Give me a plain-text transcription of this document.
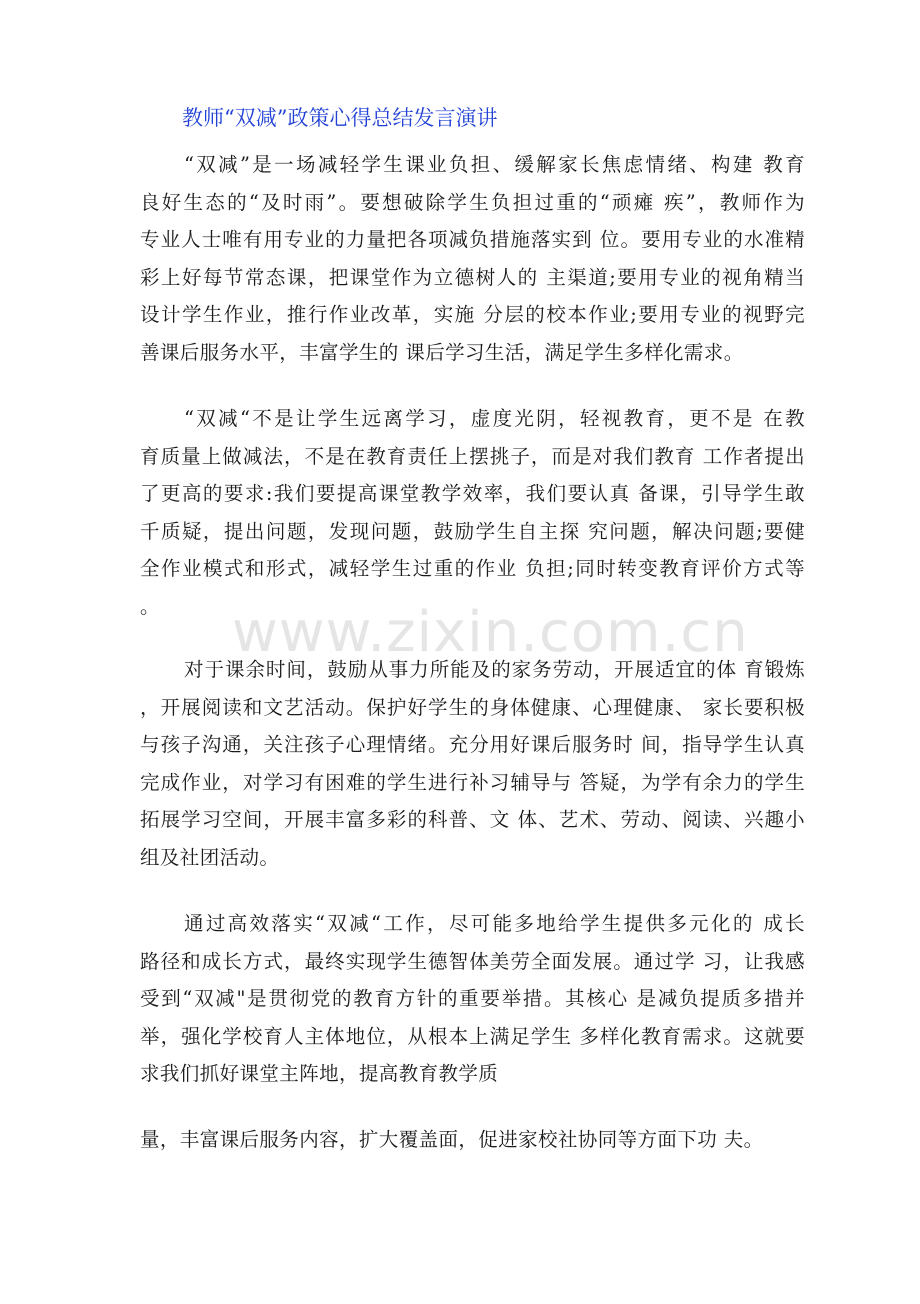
教师“双减”政策心得总结发言演讲
“双减”是一场减轻学生课业负担、缓解家长焦虑情绪、构建 教育
良好生态的“及时雨”。要想破除学生负担过重的“顽瘫 疾”，教师作为
专业人士唯有用专业的力量把各项减负措施落实到 位。要用专业的水准精
彩上好每节常态课，把课堂作为立德树人的 主渠道;要用专业的视角精当
设计学生作业，推行作业改革，实施 分层的校本作业;要用专业的视野完
善课后服务水平，丰富学生的 课后学习生活，满足学生多样化需求。
“双减“不是让学生远离学习，虚度光阴，轻视教育，更不是 在教
育质量上做减法，不是在教育责任上摆挑子，而是对我们教育 工作者提出
了更高的要求:我们要提高课堂教学效率，我们要认真 备课，引导学生敢
千质疑，提出问题，发现问题，鼓励学生自主探 究问题，解决问题;要健
全作业模式和形式，减轻学生过重的作业 负担;同时转变教育评价方式等
。
对于课余时间，鼓励从事力所能及的家务劳动，开展适宜的体 育锻炼
，开展阅读和文艺活动。保护好学生的身体健康、心理健康、 家长要积极
与孩子沟通，关注孩子心理情绪。充分用好课后服务时 间，指导学生认真
完成作业，对学习有困难的学生进行补习辅导与 答疑，为学有余力的学生
拓展学习空间，开展丰富多彩的科普、文 体、艺术、劳动、阅读、兴趣小
组及社团活动。
通过高效落实“双减“工作，尽可能多地给学生提供多元化的 成长
路径和成长方式，最终实现学生德智体美劳全面发展。通过学 习，让我感
受到“双减"是贯彻党的教育方针的重要举措。其核心 是减负提质多措并
举，强化学校育人主体地位，从根本上满足学生 多样化教育需求。这就要
求我们抓好课堂主阵地，提高教育教学质
量，丰富课后服务内容，扩大覆盖面，促进家校社协同等方面下功 夫。
www.zixin.com.cn
